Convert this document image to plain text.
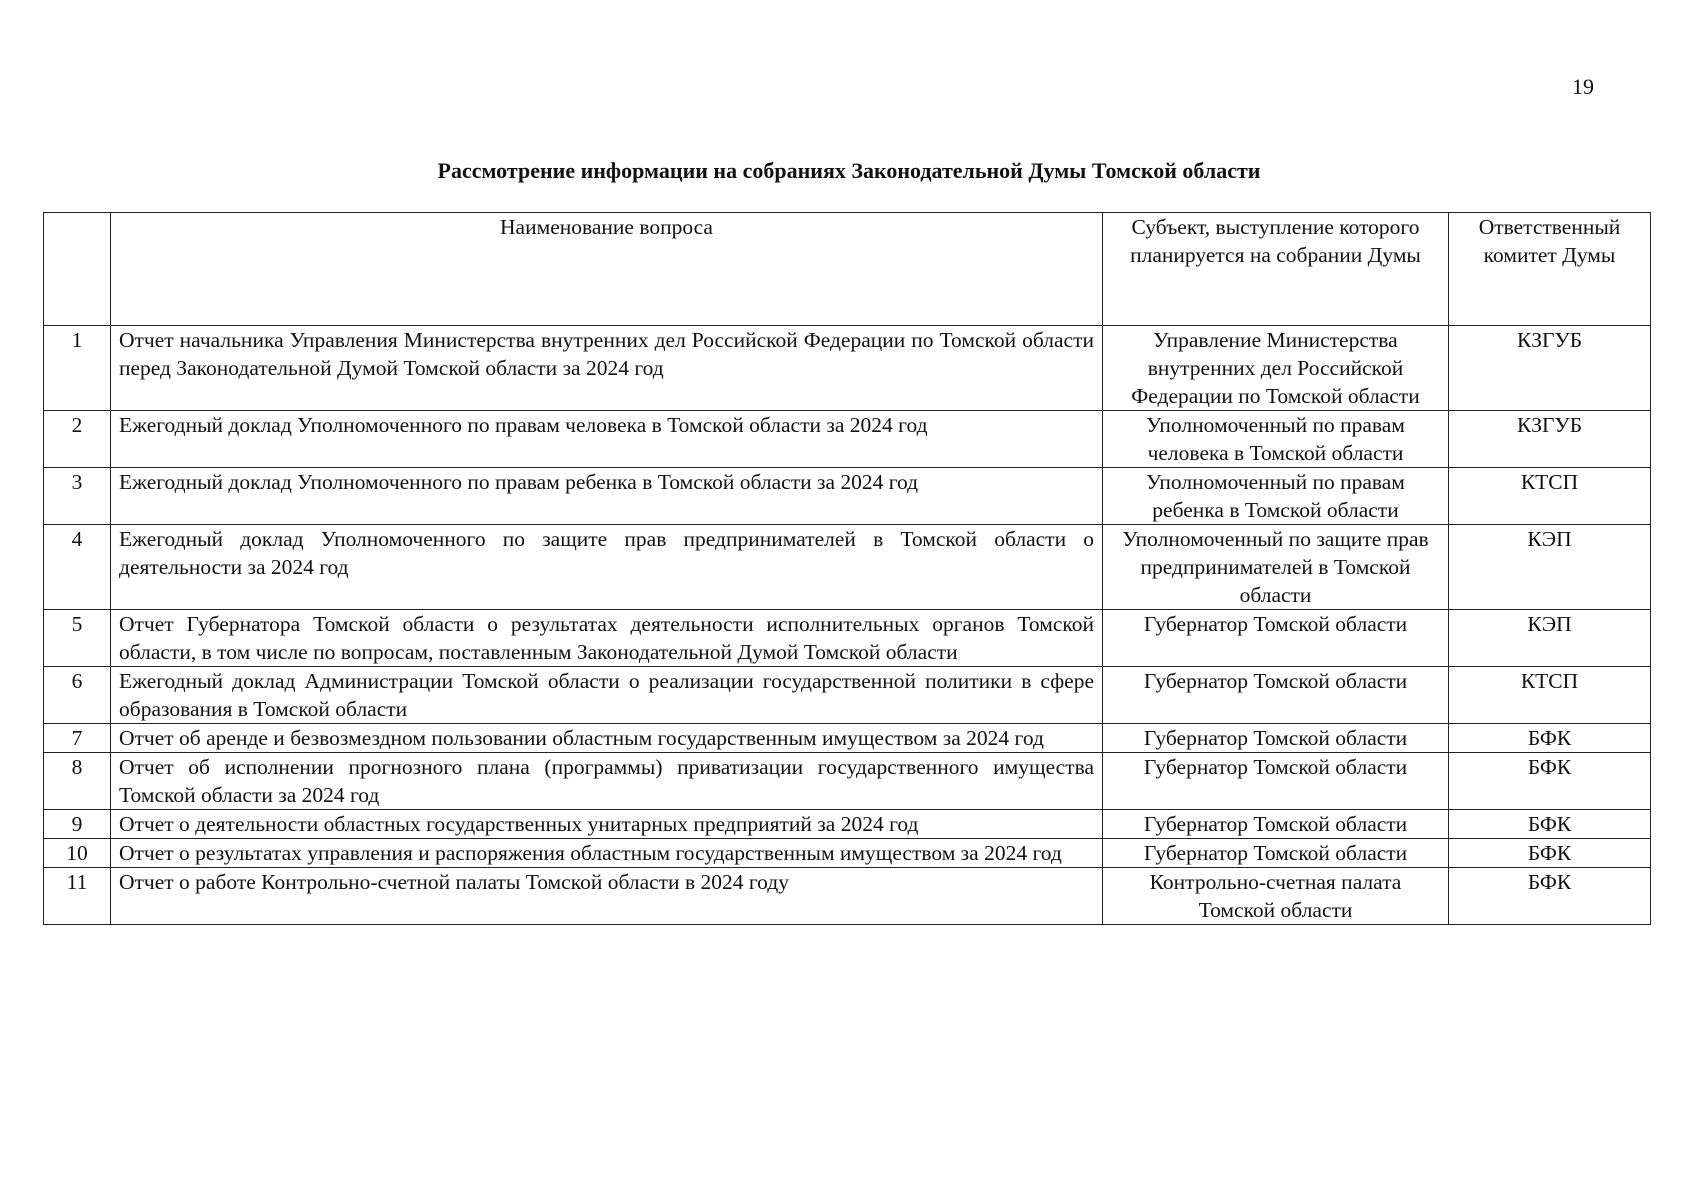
19
Рассмотрение информации на собраниях Законодательной Думы Томской области
	Наименование вопроса	Субъект, выступление которого планируется на собрании Думы	Ответственный комитет Думы
1	Отчет начальника Управления Министерства внутренних дел Российской Федерации по Томской области перед Законодательной Думой Томской области за 2024 год	Управление Министерства внутренних дел Российской Федерации по Томской области	КЗГУБ
2	Ежегодный доклад Уполномоченного по правам человека в Томской области за 2024 год	Уполномоченный по правам человека в Томской области	КЗГУБ
3	Ежегодный доклад Уполномоченного по правам ребенка в Томской области за 2024 год	Уполномоченный по правам ребенка в Томской области	КТСП
4	Ежегодный доклад Уполномоченного по защите прав предпринимателей в Томской области о деятельности за 2024 год	Уполномоченный по защите прав предпринимателей в Томской области	КЭП
5	Отчет Губернатора Томской области о результатах деятельности исполнительных органов Томской области, в том числе по вопросам, поставленным Законодательной Думой Томской области	Губернатор Томской области	КЭП
6	Ежегодный доклад Администрации Томской области о реализации государственной политики в сфере образования в Томской области	Губернатор Томской области	КТСП
7	Отчет об аренде и безвозмездном пользовании областным государственным имуществом за 2024 год	Губернатор Томской области	БФК
8	Отчет об исполнении прогнозного плана (программы) приватизации государственного имущества Томской области за 2024 год	Губернатор Томской области	БФК
9	Отчет о деятельности областных государственных унитарных предприятий за 2024 год	Губернатор Томской области	БФК
10	Отчет о результатах управления и распоряжения областным государственным имуществом за 2024 год	Губернатор Томской области	БФК
11	Отчет о работе Контрольно-счетной палаты Томской области в 2024 году	Контрольно-счетная палата Томской области	БФК
